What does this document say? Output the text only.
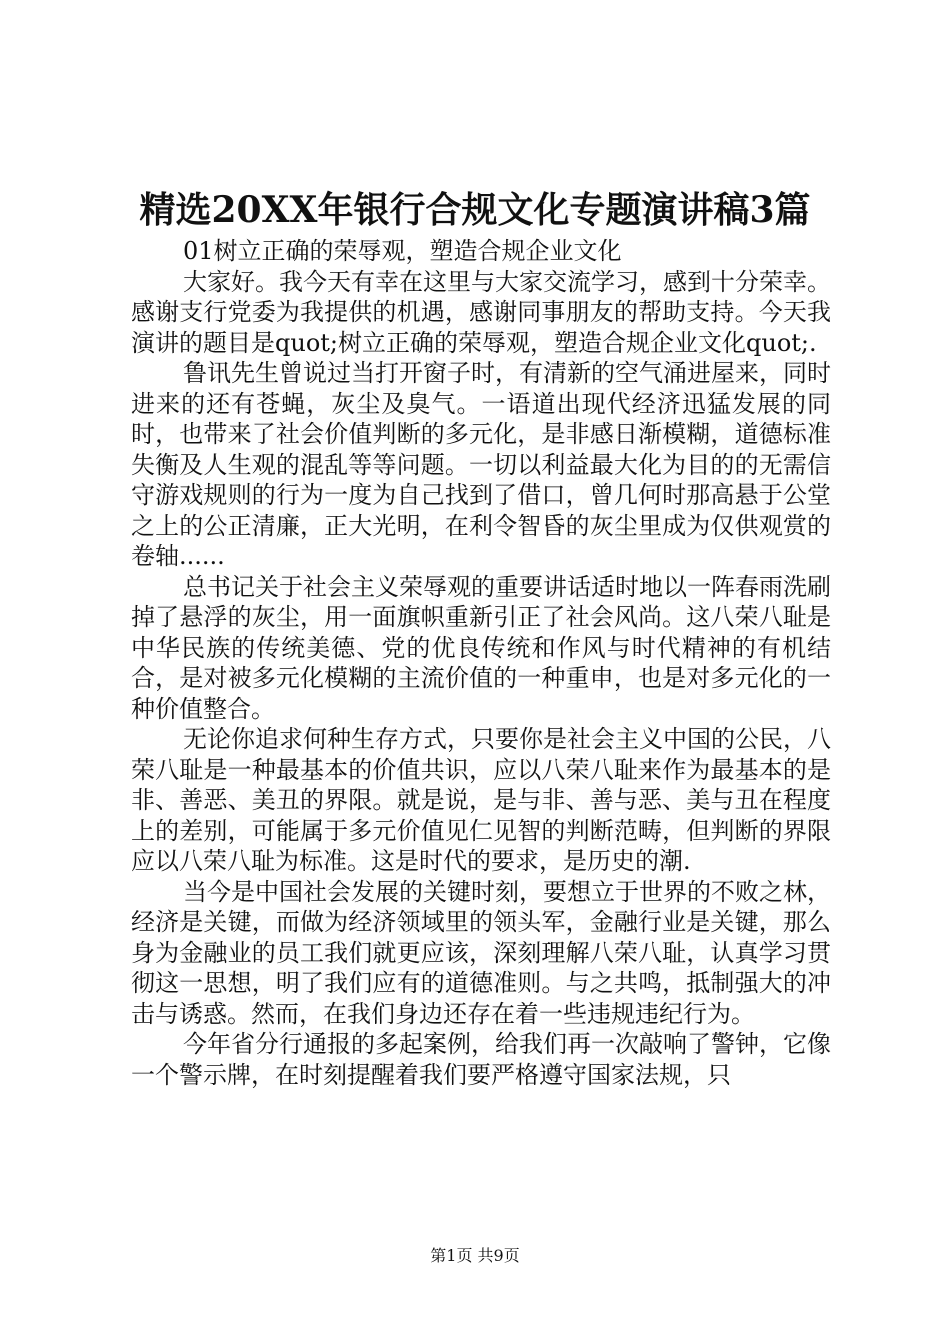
精选20XX年银行合规文化专题演讲稿3篇

01树立正确的荣辱观，塑造合规企业文化

大家好。我今天有幸在这里与大家交流学习，感到十分荣幸。感谢支行党委为我提供的机遇，感谢同事朋友的帮助支持。今天我演讲的题目是quot;树立正确的荣辱观，塑造合规企业文化quot;.

鲁讯先生曾说过当打开窗子时，有清新的空气涌进屋来，同时进来的还有苍蝇，灰尘及臭气。一语道出现代经济迅猛发展的同时，也带来了社会价值判断的多元化，是非感日渐模糊，道德标准失衡及人生观的混乱等等问题。一切以利益最大化为目的的无需信守游戏规则的行为一度为自己找到了借口，曾几何时那高悬于公堂之上的公正清廉，正大光明，在利令智昏的灰尘里成为仅供观赏的卷轴......

总书记关于社会主义荣辱观的重要讲话适时地以一阵春雨洗刷掉了悬浮的灰尘，用一面旗帜重新引正了社会风尚。这八荣八耻是中华民族的传统美德、党的优良传统和作风与时代精神的有机结合，是对被多元化模糊的主流价值的一种重申，也是对多元化的一种价值整合。

无论你追求何种生存方式，只要你是社会主义中国的公民，八荣八耻是一种最基本的价值共识，应以八荣八耻来作为最基本的是非、善恶、美丑的界限。就是说，是与非、善与恶、美与丑在程度上的差别，可能属于多元价值见仁见智的判断范畴，但判断的界限应以八荣八耻为标准。这是时代的要求，是历史的潮.

当今是中国社会发展的关键时刻，要想立于世界的不败之林，经济是关键，而做为经济领域里的领头军，金融行业是关键，那么身为金融业的员工我们就更应该，深刻理解八荣八耻，认真学习贯彻这一思想，明了我们应有的道德准则。与之共鸣，抵制强大的冲击与诱惑。然而，在我们身边还存在着一些违规违纪行为。

今年省分行通报的多起案例，给我们再一次敲响了警钟，它像一个警示牌，在时刻提醒着我们要严格遵守国家法规，只

第1页 共9页
